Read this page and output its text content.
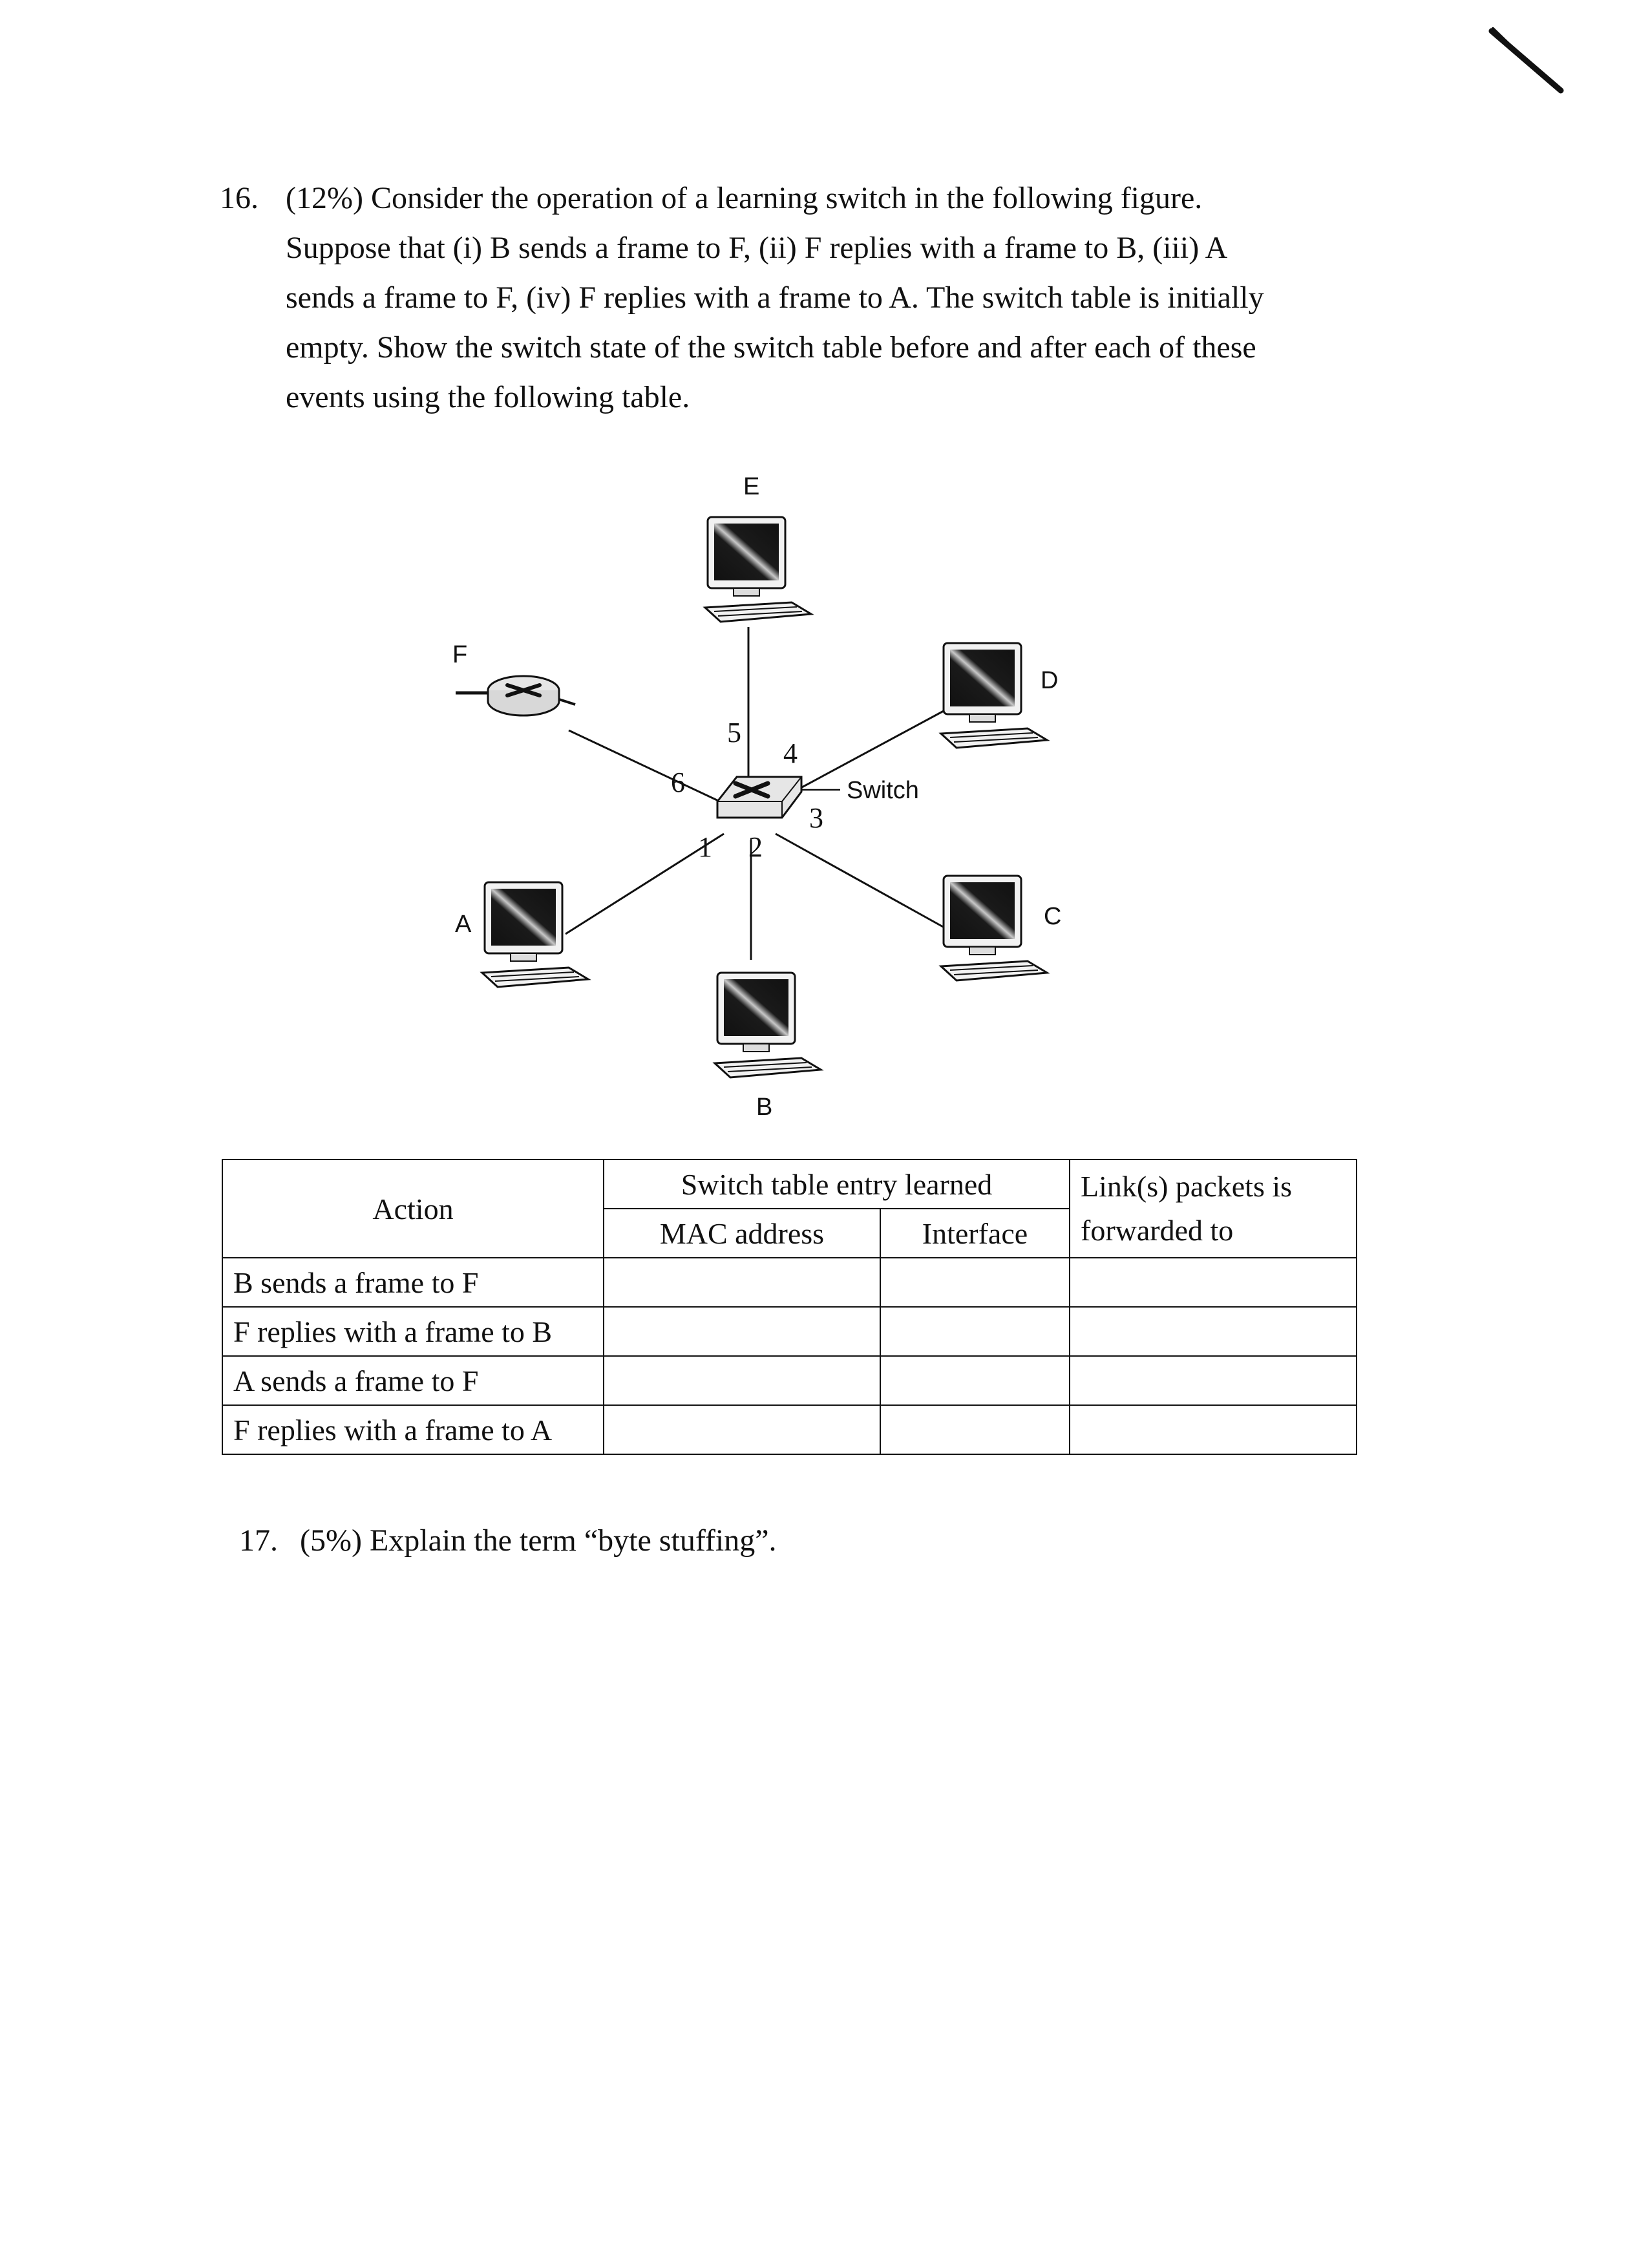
16. (12%) Consider the operation of a learning switch in the following figure.
Suppose that (i) B sends a frame to F, (ii) F replies with a frame to B, (iii) A
sends a frame to F, (iv) F replies with a frame to A. The switch table is initially
empty. Show the switch state of the switch table before and after each of these
events using the following table.
E
D
C
B
A
F
Switch
1 2
3
4
5
6
Action	Switch table entry learned		Link(s) packets is
forwarded to
	MAC address	Interface	
B sends a frame to F			
F replies with a frame to B			
A sends a frame to F			
F replies with a frame to A			
17. (5%) Explain the term “byte stuffing”.
